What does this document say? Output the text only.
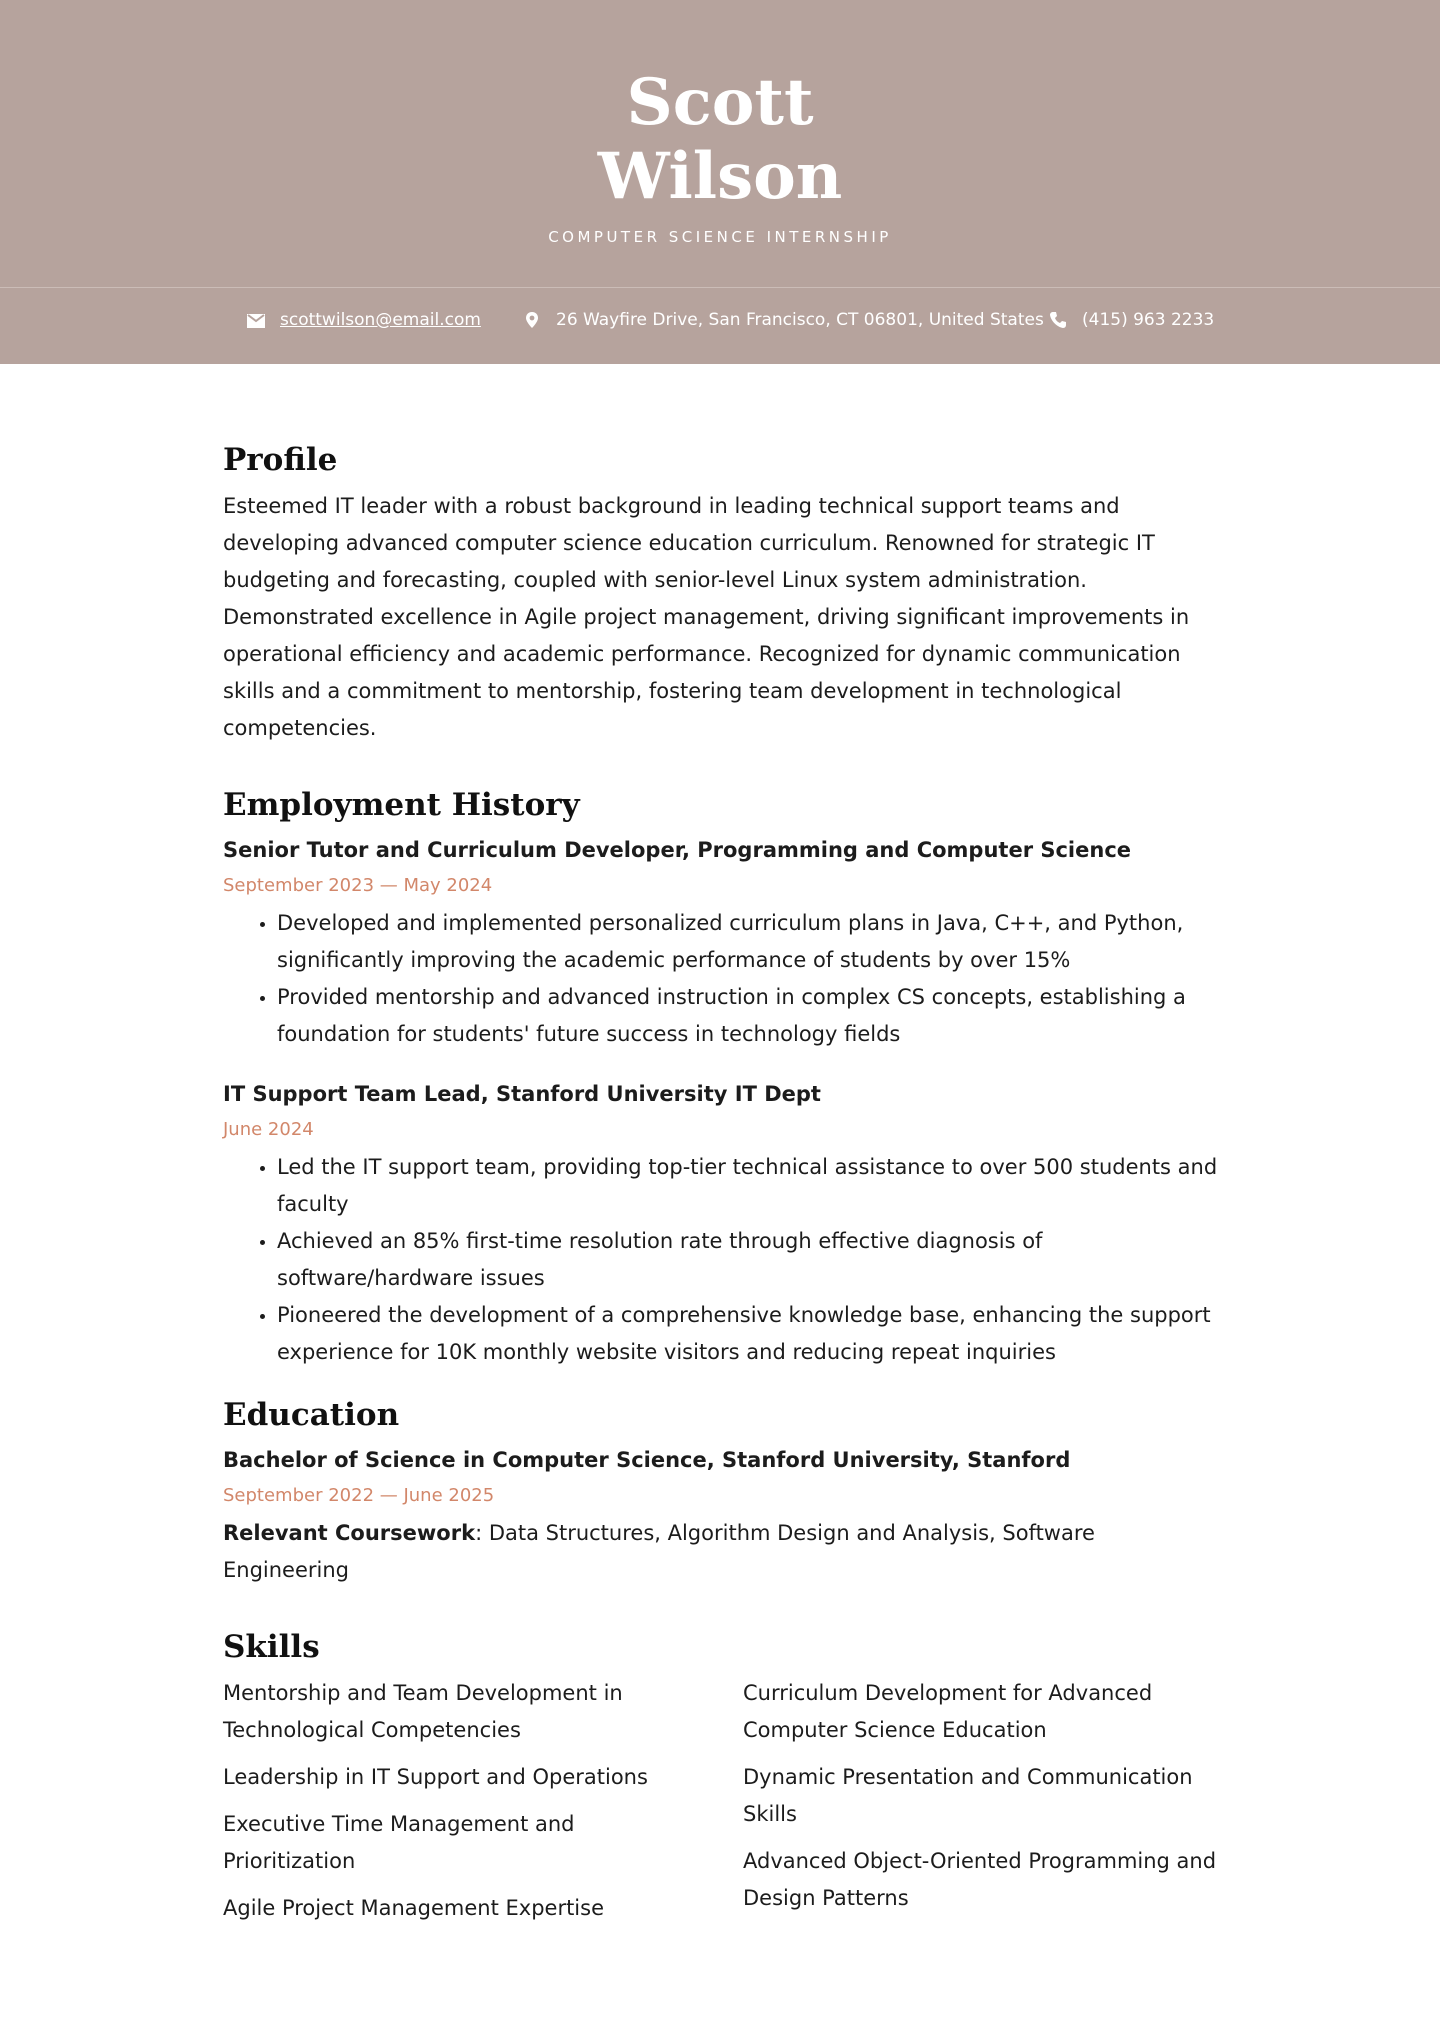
Scott
Wilson
COMPUTER SCIENCE INTERNSHIP
scottwilson@email.com	26 Wayfire Drive, San Francisco, CT 06801, United States (415) 963 2233
Profile

Esteemed IT leader with a robust background in leading technical support teams and developing advanced computer science education curriculum. Renowned for strategic IT budgeting and forecasting, coupled with senior-level Linux system administration. Demonstrated excellence in Agile project management, driving significant improvements in operational efficiency and academic performance. Recognized for dynamic communication skills and a commitment to mentorship, fostering team development in technological competencies.

Employment History
Senior Tutor and Curriculum Developer, Programming and Computer Science
September 2023 — May 2024
• Developed and implemented personalized curriculum plans in Java, C++, and Python, significantly improving the academic performance of students by over 15%
• Provided mentorship and advanced instruction in complex CS concepts, establishing a foundation for students' future success in technology fields
IT Support Team Lead, Stanford University IT Dept
June 2024
• Led the IT support team, providing top-tier technical assistance to over 500 students and faculty
• Achieved an 85% first-time resolution rate through effective diagnosis of software/hardware issues
• Pioneered the development of a comprehensive knowledge base, enhancing the support experience for 10K monthly website visitors and reducing repeat inquiries
Education
Bachelor of Science in Computer Science, Stanford University, Stanford
September 2022 — June 2025

Relevant Coursework: Data Structures, Algorithm Design and Analysis, Software Engineering

Skills
Mentorship and Team Development in Technological Competencies
Leadership in IT Support and Operations
Executive Time Management and Prioritization
Agile Project Management Expertise
Curriculum Development for Advanced Computer Science Education
Dynamic Presentation and Communication Skills
Advanced Object-Oriented Programming and Design Patterns
